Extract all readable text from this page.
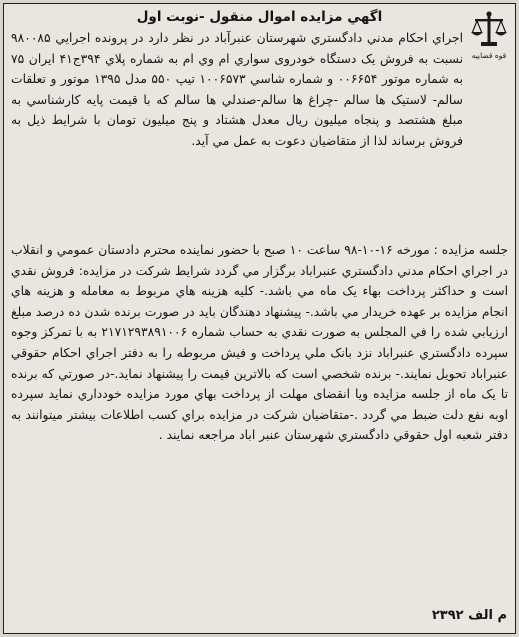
قوه قضاییه
اگهي مزايده اموال منقول -نوبت اول

اجراي احكام مدني دادگستري شهرستان عنبرآباد در نظر دارد در پرونده اجرايي ۹۸۰۰۸۵ نسبت به فروش يک دستگاه خودروی سواري ام وي ام به شماره پلاي ۳۹۴ج۴۱ ايران ۷۵ به شماره موتور ۰۰۶۶۵۴ و شماره شاسي ۱۰۰۶۵۷۳ تيپ ۵۵۰ مدل ۱۳۹۵ موتور و تعلقات سالم- لاستيک ها سالم -چراغ ها سالم-صندلي ها سالم که با قيمت پايه كارشناسي به مبلغ هشتصد و پنجاه ميليون ريال معدل هشتاد و پنج ميليون تومان با شرايط ذيل به فروش برساند لذا از متقاضيان دعوت به عمل مي آيد.

جلسه مزايده : مورخه ۱۶-۱۰-۹۸ ساعت ۱۰ صبح با حضور نماينده محترم دادستان عمومي و انقلاب در اجراي احكام مدني دادگستري عنبراباد برگزار مي گردد شرايط شركت در مزايده: فروش نقدي است و حداكثر پرداخت بهاء يک ماه مي باشد.- كليه هزينه هاي مربوط به معامله و هزينه هاي انجام مزايده بر عهده خريدار مي باشد.- پيشنهاد دهندگان بايد در صورت برنده شدن ده درصد مبلغ ارزيابي شده را في المجلس به صورت نقدي به حساب شماره ۲۱۷۱۲۹۳۸۹۱۰۰۶ به با تمركز وجوه سپرده دادگستري عنبراباد نزد بانک ملي پرداخت و فيش مربوطه را به دفتر اجراي احكام حقوقي عنبراباد تحويل نمايند.- برنده شخصي است كه بالاترين قيمت را پيشنهاد نمايد.-در صورتي كه برنده تا يک ماه از جلسه مزايده ويا انقضاى مهلت از پرداخت بهاي مورد مزايده خودداري نمايد سپرده اوبه نفع دلت ضبط مي گردد .-متقاضيان شركت در مزايده براي كسب اطلاعات بيشتر ميتوانند به دفتر شعبه اول حقوقي دادگستري شهرستان عنبر اباد مراجعه نمايند .

م الف ۲۳۹۲
